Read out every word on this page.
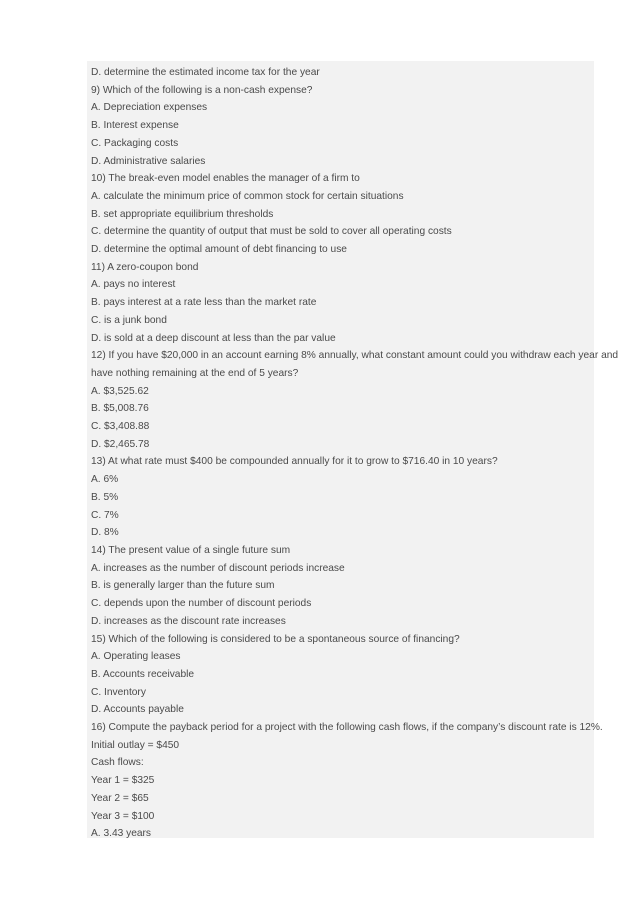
D. determine the estimated income tax for the year
9) Which of the following is a non-cash expense?
A. Depreciation expenses
B. Interest expense
C. Packaging costs
D. Administrative salaries
10) The break-even model enables the manager of a firm to
A. calculate the minimum price of common stock for certain situations
B. set appropriate equilibrium thresholds
C. determine the quantity of output that must be sold to cover all operating costs
D. determine the optimal amount of debt financing to use
11) A zero-coupon bond
A. pays no interest
B. pays interest at a rate less than the market rate
C. is a junk bond
D. is sold at a deep discount at less than the par value
12) If you have $20,000 in an account earning 8% annually, what constant amount could you withdraw each year and
have nothing remaining at the end of 5 years?
A. $3,525.62
B. $5,008.76
C. $3,408.88
D. $2,465.78
13) At what rate must $400 be compounded annually for it to grow to $716.40 in 10 years?
A. 6%
B. 5%
C. 7%
D. 8%
14) The present value of a single future sum
A. increases as the number of discount periods increase
B. is generally larger than the future sum
C. depends upon the number of discount periods
D. increases as the discount rate increases
15) Which of the following is considered to be a spontaneous source of financing?
A. Operating leases
B. Accounts receivable
C. Inventory
D. Accounts payable
16) Compute the payback period for a project with the following cash flows, if the company’s discount rate is 12%.
Initial outlay = $450
Cash flows:
Year 1 = $325
Year 2 = $65
Year 3 = $100
A. 3.43 years
